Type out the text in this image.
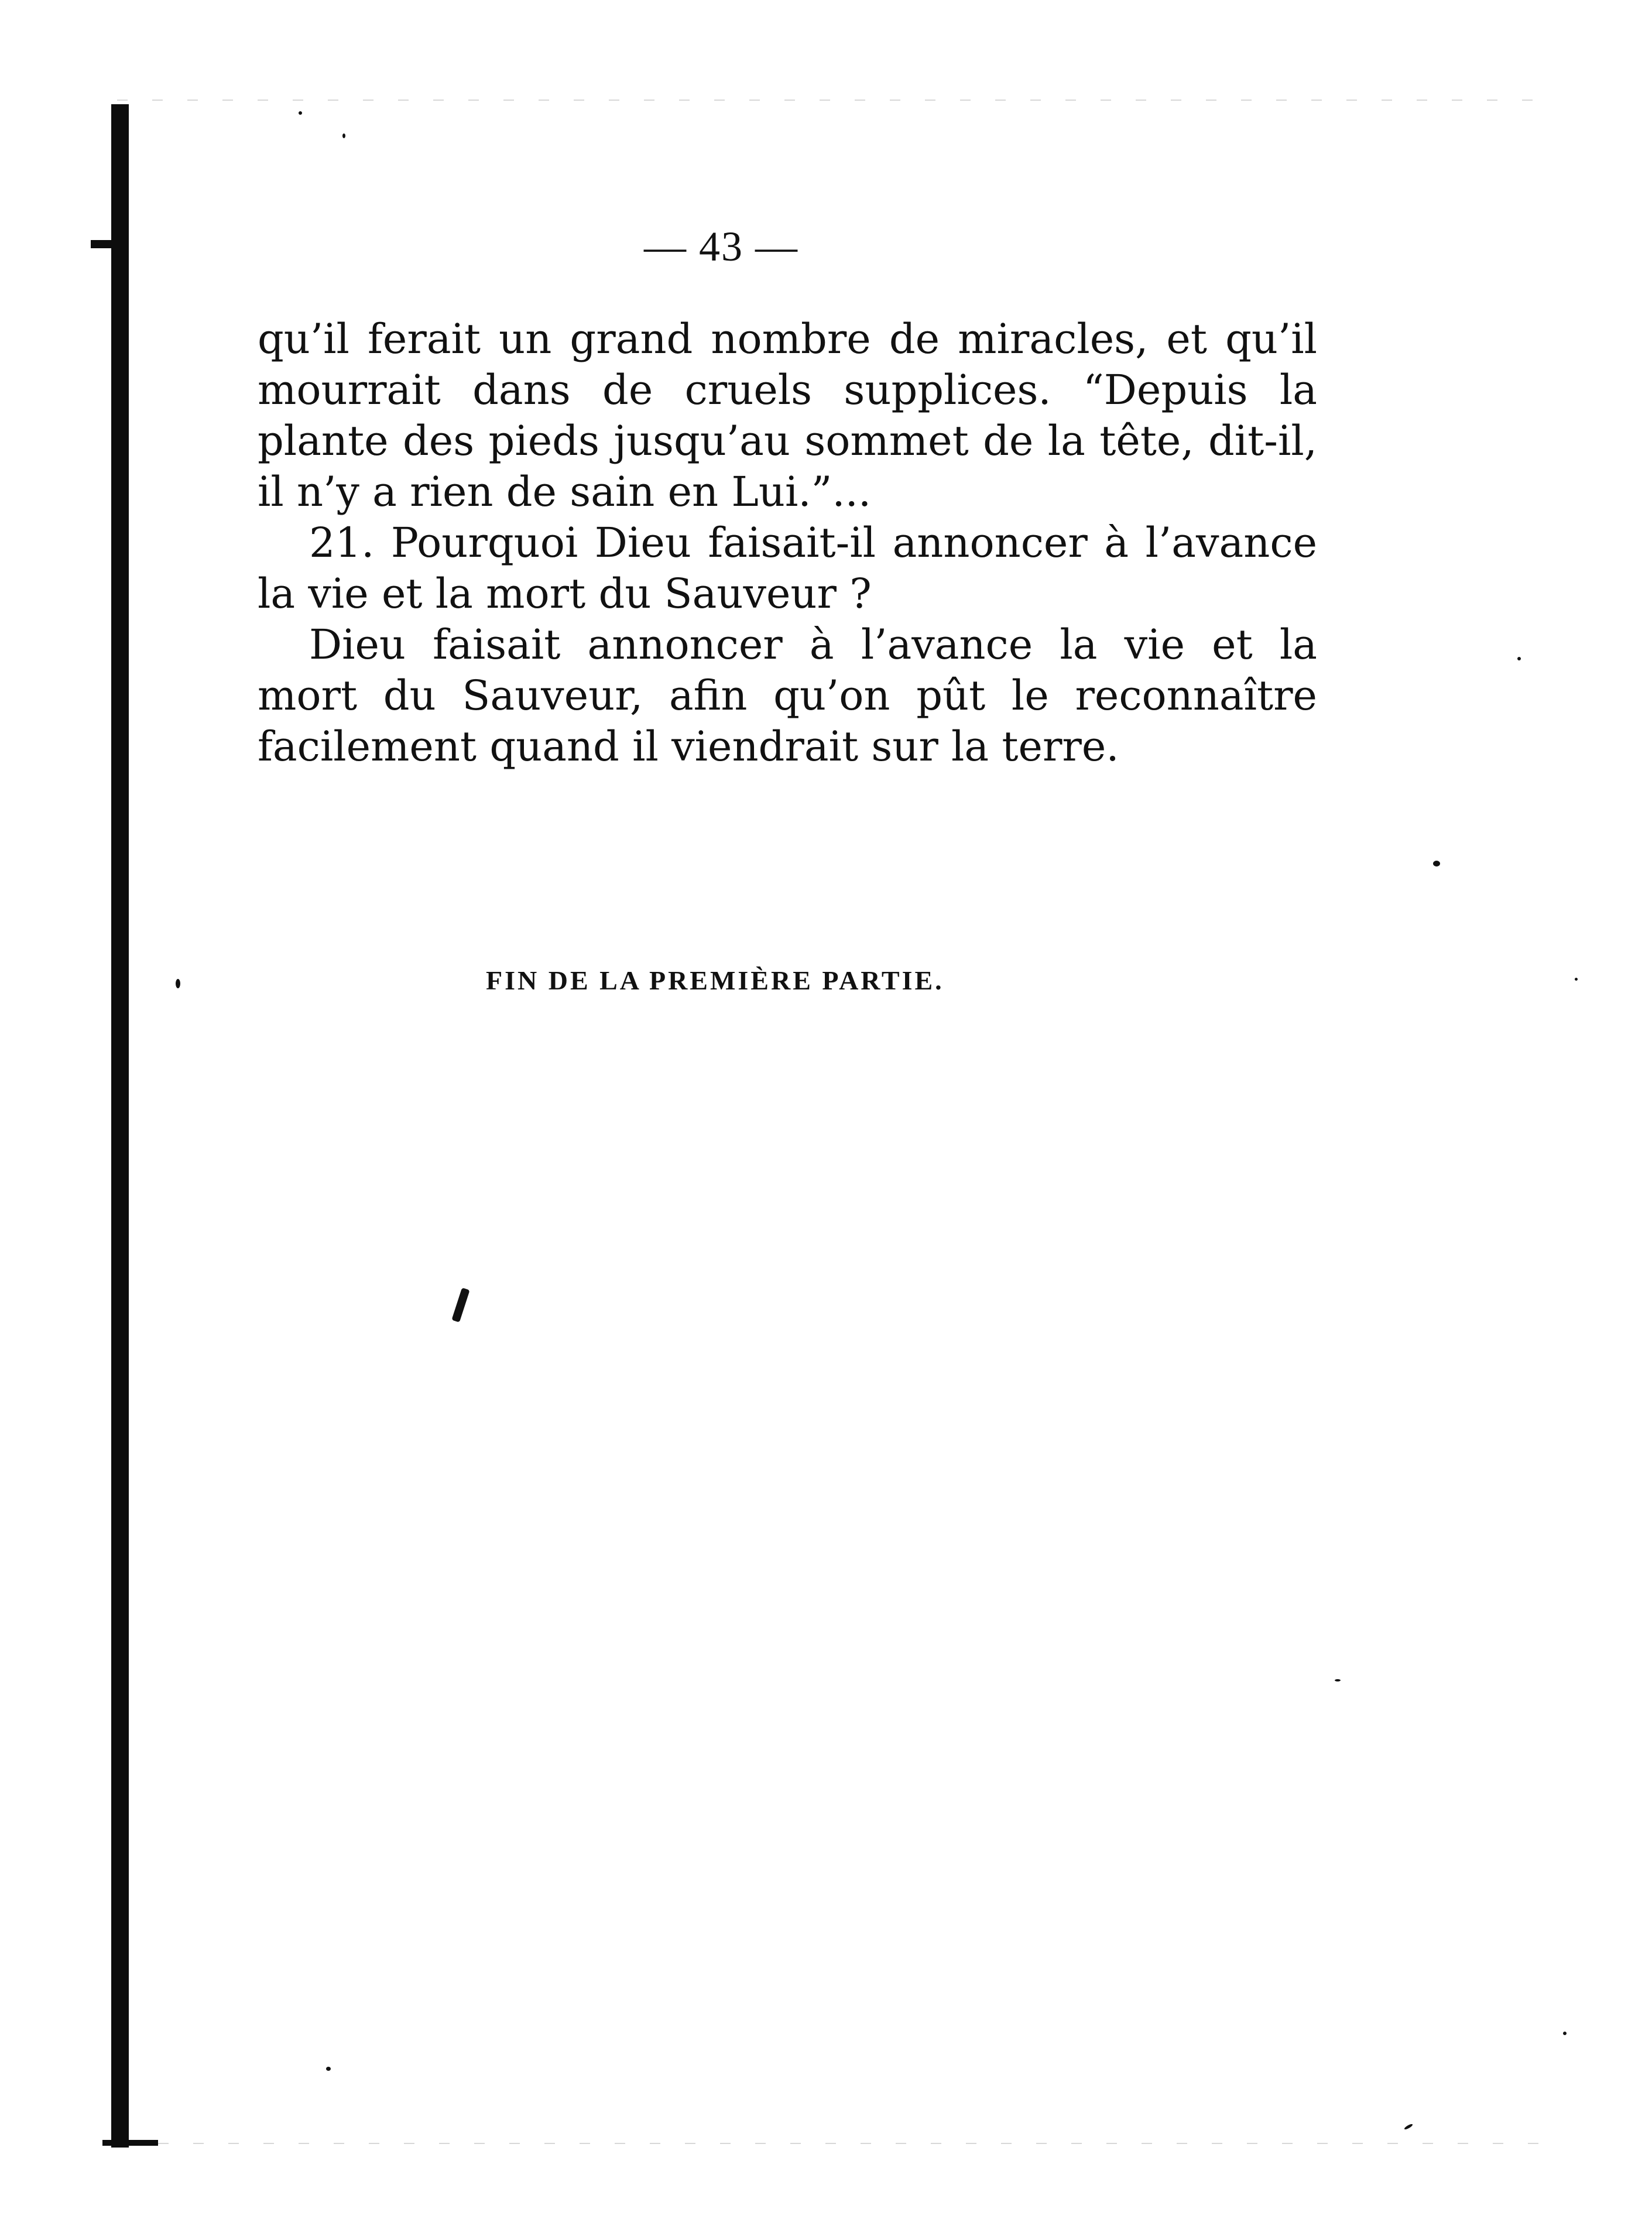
— 43 —

qu’il ferait un grand nombre de miracles, et qu’il mourrait dans de cruels supplices. “Depuis la plante des pieds jusqu’au sommet de la tête, dit-il, il n’y a rien de sain en Lui.”...

21. Pourquoi Dieu faisait-il annoncer à l’avance la vie et la mort du Sauveur ?

Dieu faisait annoncer à l’avance la vie et la mort du Sauveur, afin qu’on pût le reconnaître facilement quand il viendrait sur la terre.

FIN DE LA PREMIÈRE PARTIE.
